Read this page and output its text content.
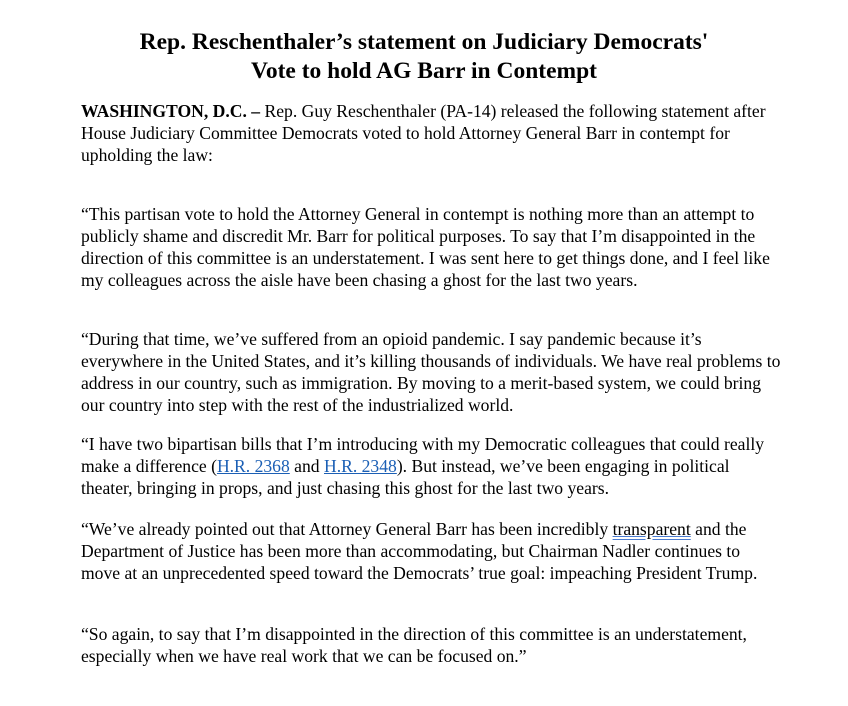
Rep. Reschenthaler’s statement on Judiciary Democrats'
Vote to hold AG Barr in Contempt

WASHINGTON, D.C. – Rep. Guy Reschenthaler (PA-14) released the following statement after House Judiciary Committee Democrats voted to hold Attorney General Barr in contempt for upholding the law:

“This partisan vote to hold the Attorney General in contempt is nothing more than an attempt to publicly shame and discredit Mr. Barr for political purposes. To say that I’m disappointed in the direction of this committee is an understatement. I was sent here to get things done, and I feel like my colleagues across the aisle have been chasing a ghost for the last two years.

“During that time, we’ve suffered from an opioid pandemic. I say pandemic because it’s everywhere in the United States, and it’s killing thousands of individuals. We have real problems to address in our country, such as immigration. By moving to a merit-based system, we could bring our country into step with the rest of the industrialized world.

“I have two bipartisan bills that I’m introducing with my Democratic colleagues that could really make a difference (H.R. 2368 and H.R. 2348). But instead, we’ve been engaging in political theater, bringing in props, and just chasing this ghost for the last two years.

“We’ve already pointed out that Attorney General Barr has been incredibly transparent and the Department of Justice has been more than accommodating, but Chairman Nadler continues to move at an unprecedented speed toward the Democrats’ true goal: impeaching President Trump.

“So again, to say that I’m disappointed in the direction of this committee is an understatement, especially when we have real work that we can be focused on.”
